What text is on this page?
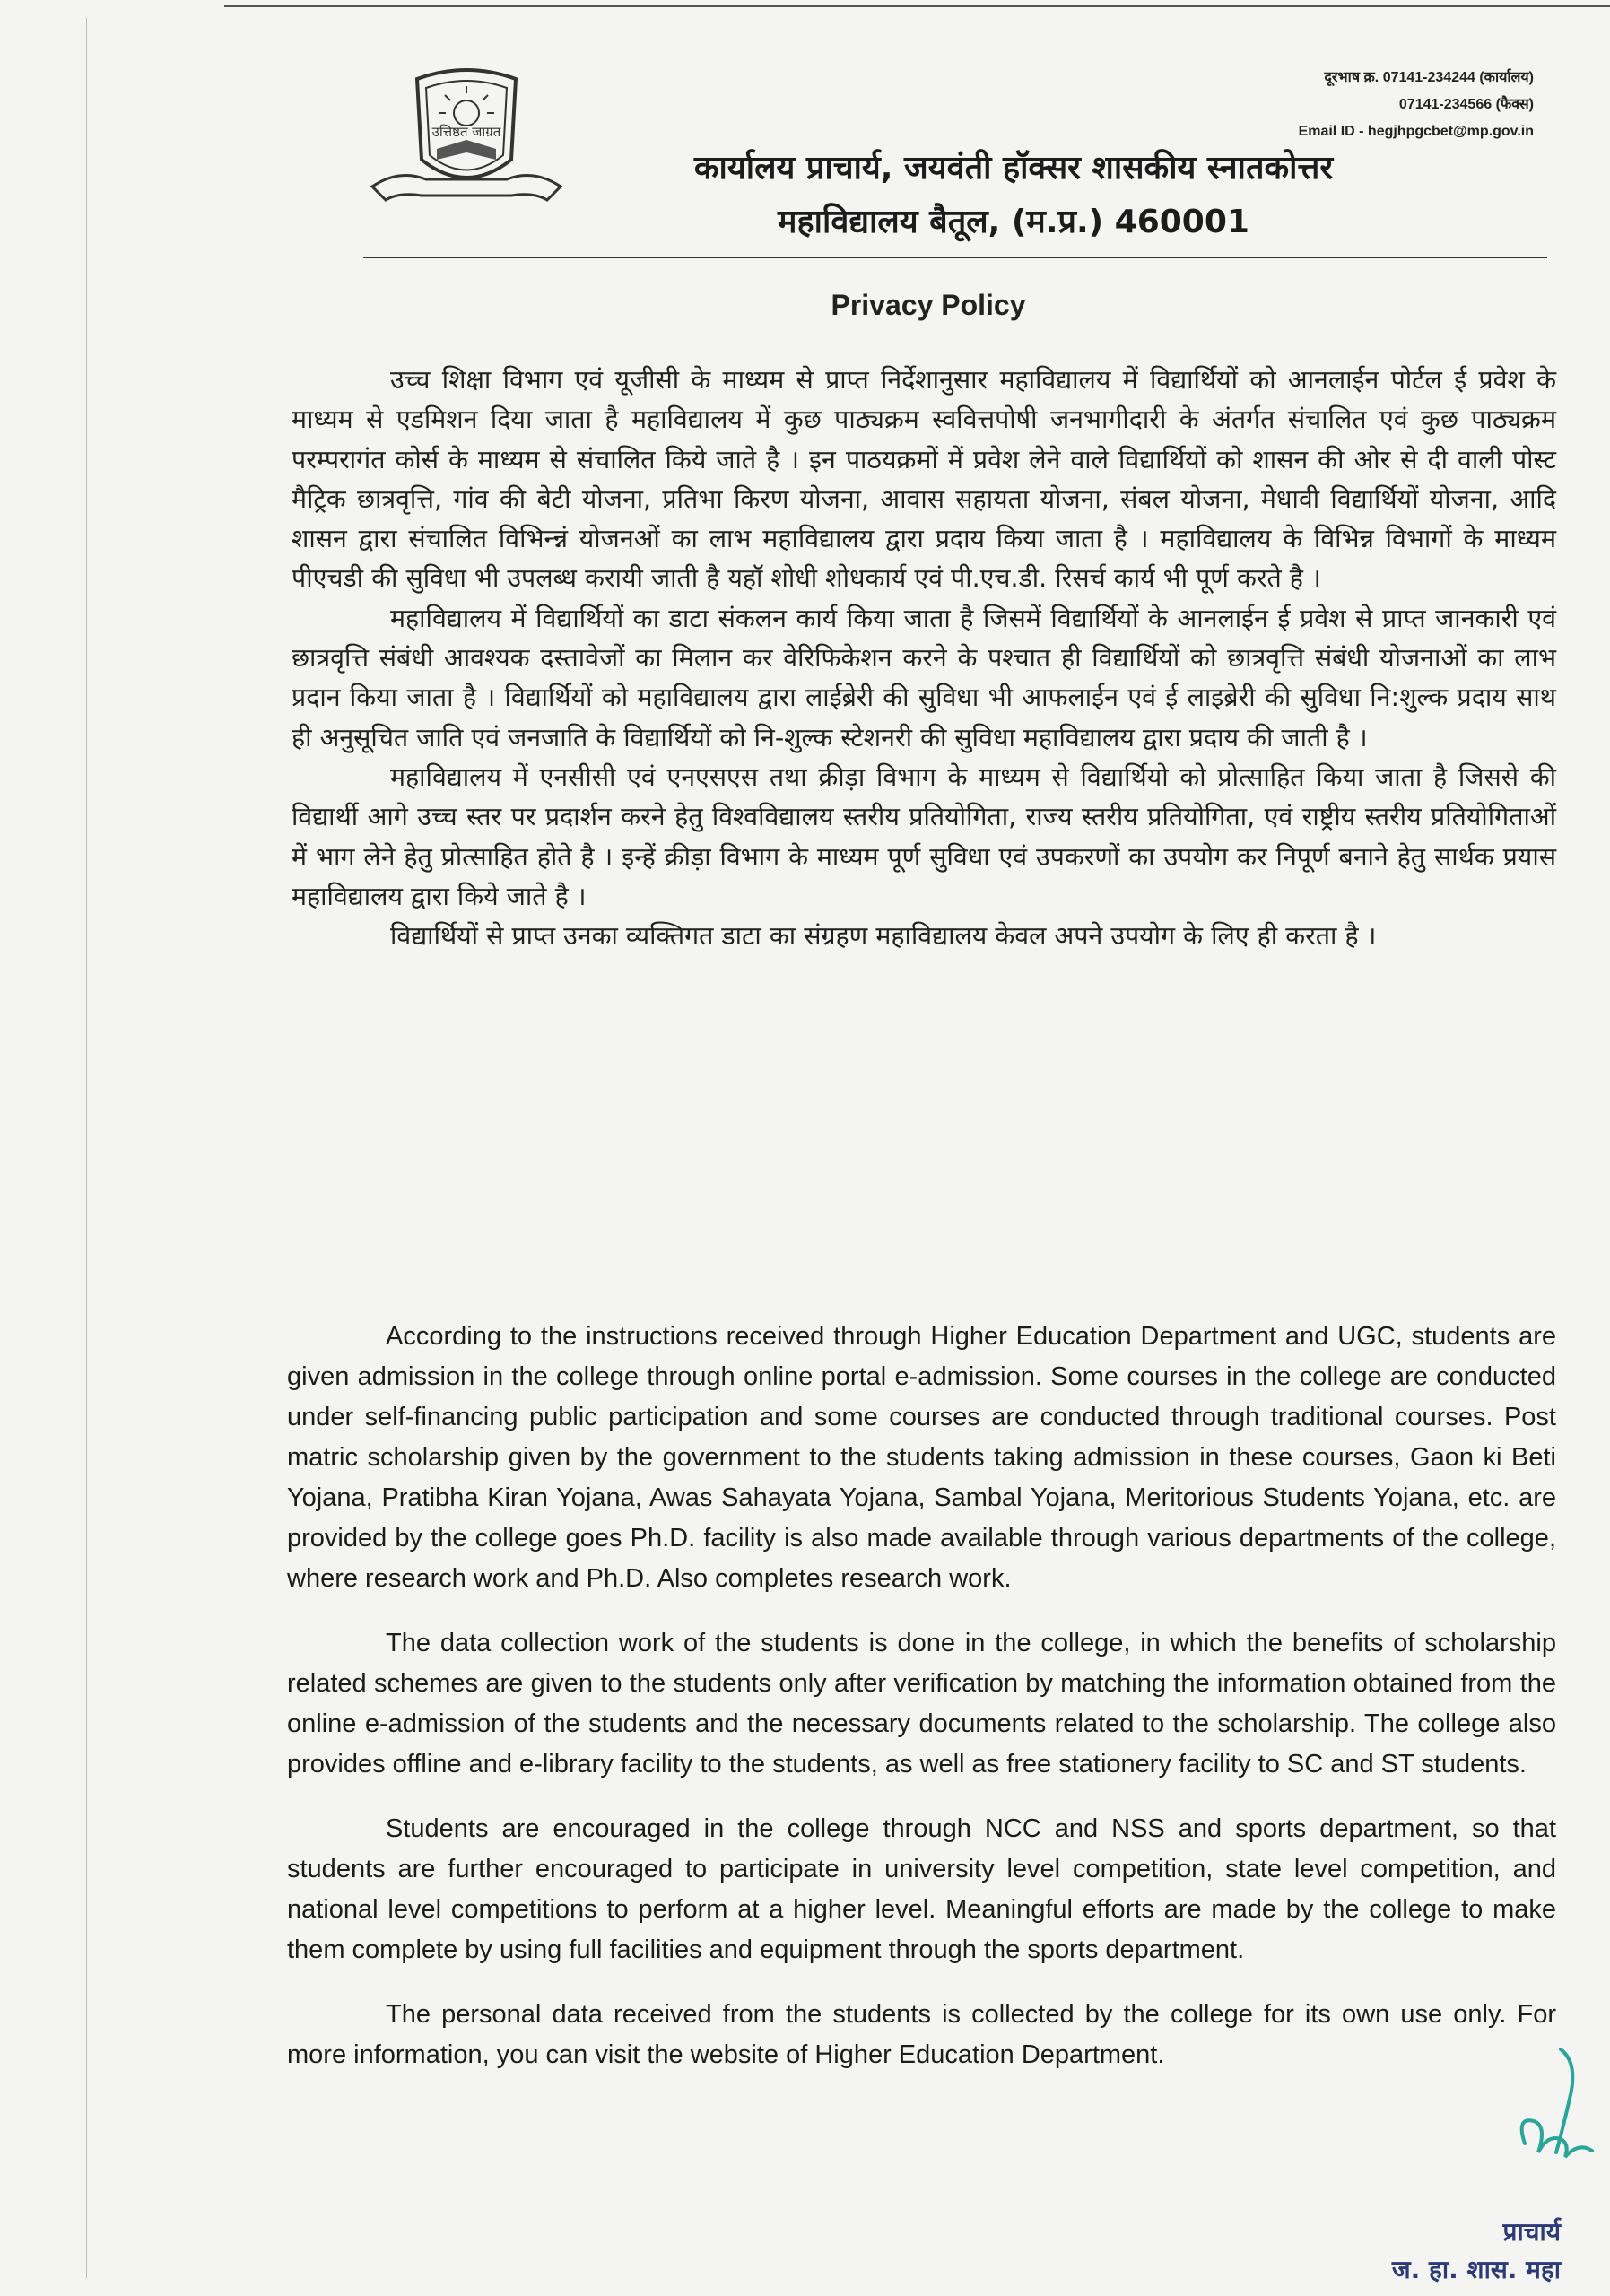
उत्तिष्ठत जाग्रत
दूरभाष क्र. 07141-234244 (कार्यालय)
07141-234566 (फैक्स)
Email ID - hegjhpgcbet@mp.gov.in
कार्यालय प्राचार्य, जयवंती हॉक्सर शासकीय स्नातकोत्तर
महाविद्यालय बैतूल, (म.प्र.) 460001
Privacy Policy

उच्च शिक्षा विभाग एवं यूजीसी के माध्यम से प्राप्त निर्देशानुसार महाविद्यालय में विद्यार्थियों को आनलाईन पोर्टल ई प्रवेश के माध्यम से एडमिशन दिया जाता है महाविद्यालय में कुछ पाठ्यक्रम स्ववित्तपोषी जनभागीदारी के अंतर्गत संचालित एवं कुछ पाठ्यक्रम परम्परागंत कोर्स के माध्यम से संचालित किये जाते है । इन पाठयक्रमों में प्रवेश लेने वाले विद्यार्थियों को शासन की ओर से दी वाली पोस्ट मैट्रिक छात्रवृत्ति, गांव की बेटी योजना, प्रतिभा किरण योजना, आवास सहायता योजना, संबल योजना, मेधावी विद्यार्थियों योजना, आदि शासन द्वारा संचालित विभिन्न्नं योजनओं का लाभ महाविद्यालय द्वारा प्रदाय किया जाता है । महाविद्यालय के विभिन्न विभागों के माध्यम पीएचडी की सुविधा भी उपलब्ध करायी जाती है यहॉ शोधी शोधकार्य एवं पी.एच.डी. रिसर्च कार्य भी पूर्ण करते है ।

महाविद्यालय में विद्यार्थियों का डाटा संकलन कार्य किया जाता है जिसमें विद्यार्थियों के आनलाईन ई प्रवेश से प्राप्त जानकारी एवं छात्रवृत्ति संबंधी आवश्यक दस्तावेजों का मिलान कर वेरिफिकेशन करने के पश्चात ही विद्यार्थियों को छात्रवृत्ति संबंधी योजनाओं का लाभ प्रदान किया जाता है । विद्यार्थियों को महाविद्यालय द्वारा लाईब्रेरी की सुविधा भी आफलाईन एवं ई लाइब्रेरी की सुविधा नि:शुल्क प्रदाय साथ ही अनुसूचित जाति एवं जनजाति के विद्यार्थियों को नि-शुल्क स्टेशनरी की सुविधा महाविद्यालय द्वारा प्रदाय की जाती है ।

महाविद्यालय में एनसीसी एवं एनएसएस तथा क्रीड़ा विभाग के माध्यम से विद्यार्थियो को प्रोत्साहित किया जाता है जिससे की विद्यार्थी आगे उच्च स्तर पर प्रदार्शन करने हेतु विश्वविद्यालय स्तरीय प्रतियोगिता, राज्य स्तरीय प्रतियोगिता, एवं राष्ट्रीय स्तरीय प्रतियोगिताओं में भाग लेने हेतु प्रोत्साहित होते है । इन्हें क्रीड़ा विभाग के माध्यम पूर्ण सुविधा एवं उपकरणों का उपयोग कर निपूर्ण बनाने हेतु सार्थक प्रयास महाविद्यालय द्वारा किये जाते है ।

विद्यार्थियों से प्राप्त उनका व्यक्तिगत डाटा का संग्रहण महाविद्यालय केवल अपने उपयोग के लिए ही करता है ।

According to the instructions received through Higher Education Department and UGC, students are given admission in the college through online portal e-admission. Some courses in the college are conducted under self-financing public participation and some courses are conducted through traditional courses. Post matric scholarship given by the government to the students taking admission in these courses, Gaon ki Beti Yojana, Pratibha Kiran Yojana, Awas Sahayata Yojana, Sambal Yojana, Meritorious Students Yojana, etc. are provided by the college goes Ph.D. facility is also made available through various departments of the college, where research work and Ph.D. Also completes research work.

The data collection work of the students is done in the college, in which the benefits of scholarship related schemes are given to the students only after verification by matching the information obtained from the online e-admission of the students and the necessary documents related to the scholarship. The college also provides offline and e-library facility to the students, as well as free stationery facility to SC and ST students.

Students are encouraged in the college through NCC and NSS and sports department, so that students are further encouraged to participate in university level competition, state level competition, and national level competitions to perform at a higher level. Meaningful efforts are made by the college to make them complete by using full facilities and equipment through the sports department.

The personal data received from the students is collected by the college for its own use only. For more information, you can visit the website of Higher Education Department.

प्राचार्य
ज. हा. शास. महा
